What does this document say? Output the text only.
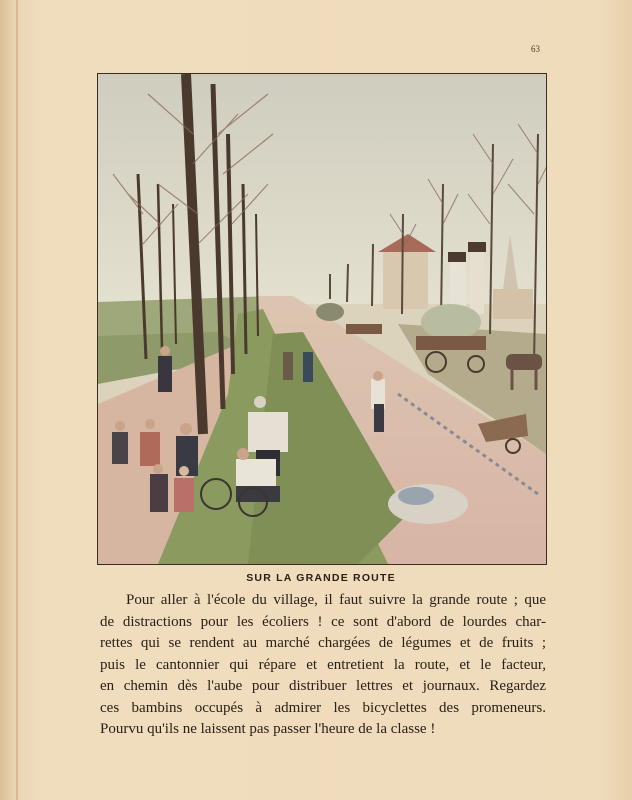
63
SUR LA GRANDE ROUTE
Pour aller à l'école du village, il faut suivre la grande route ; que
de distractions pour les écoliers ! ce sont d'abord de lourdes char-
rettes qui se rendent au marché chargées de légumes et de fruits ;
puis le cantonnier qui répare et entretient la route, et le facteur,
en chemin dès l'aube pour distribuer lettres et journaux. Regardez
ces bambins occupés à admirer les bicyclettes des promeneurs.
Pourvu qu'ils ne laissent pas passer l'heure de la classe !
